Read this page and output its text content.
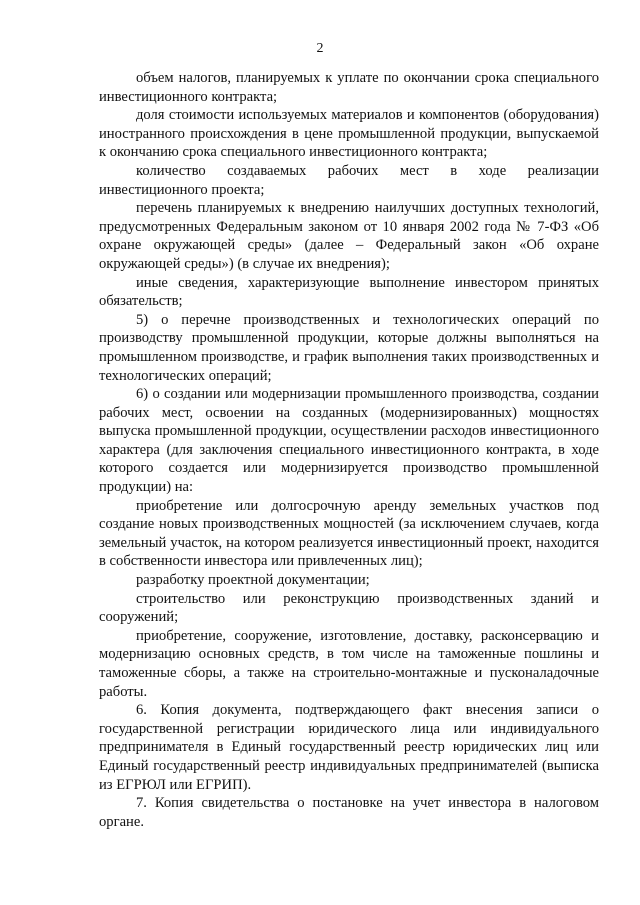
2

объем налогов, планируемых к уплате по окончании срока специального инвестиционного контракта;

доля стоимости используемых материалов и компонентов (оборудования) иностранного происхождения в цене промышленной продукции, выпускаемой к окончанию срока специального инвестиционного контракта;

количество создаваемых рабочих мест в ходе реализации инвестиционного проекта;

перечень планируемых к внедрению наилучших доступных технологий, предусмотренных Федеральным законом от 10 января 2002 года № 7-ФЗ «Об охране окружающей среды» (далее – Федеральный закон «Об охране окружающей среды») (в случае их внедрения);

иные сведения, характеризующие выполнение инвестором принятых обязательств;

5) о перечне производственных и технологических операций по производству промышленной продукции, которые должны выполняться на промышленном производстве, и график выполнения таких производственных и технологических операций;

6) о создании или модернизации промышленного производства, создании рабочих мест, освоении на созданных (модернизированных) мощностях выпуска промышленной продукции, осуществлении расходов инвестиционного характера (для заключения специального инвестиционного контракта, в ходе которого создается или модернизируется производство промышленной продукции) на:

приобретение или долгосрочную аренду земельных участков под создание новых производственных мощностей (за исключением случаев, когда земельный участок, на котором реализуется инвестиционный проект, находится в собственности инвестора или привлеченных лиц);

разработку проектной документации;

строительство или реконструкцию производственных зданий и сооружений;

приобретение, сооружение, изготовление, доставку, расконсервацию и модернизацию основных средств, в том числе на таможенные пошлины и таможенные сборы, а также на строительно-монтажные и пусконаладочные работы.

6. Копия документа, подтверждающего факт внесения записи о государственной регистрации юридического лица или индивидуального предпринимателя в Единый государственный реестр юридических лиц или Единый государственный реестр индивидуальных предпринимателей (выписка из ЕГРЮЛ или ЕГРИП).

7. Копия свидетельства о постановке на учет инвестора в налоговом органе.
